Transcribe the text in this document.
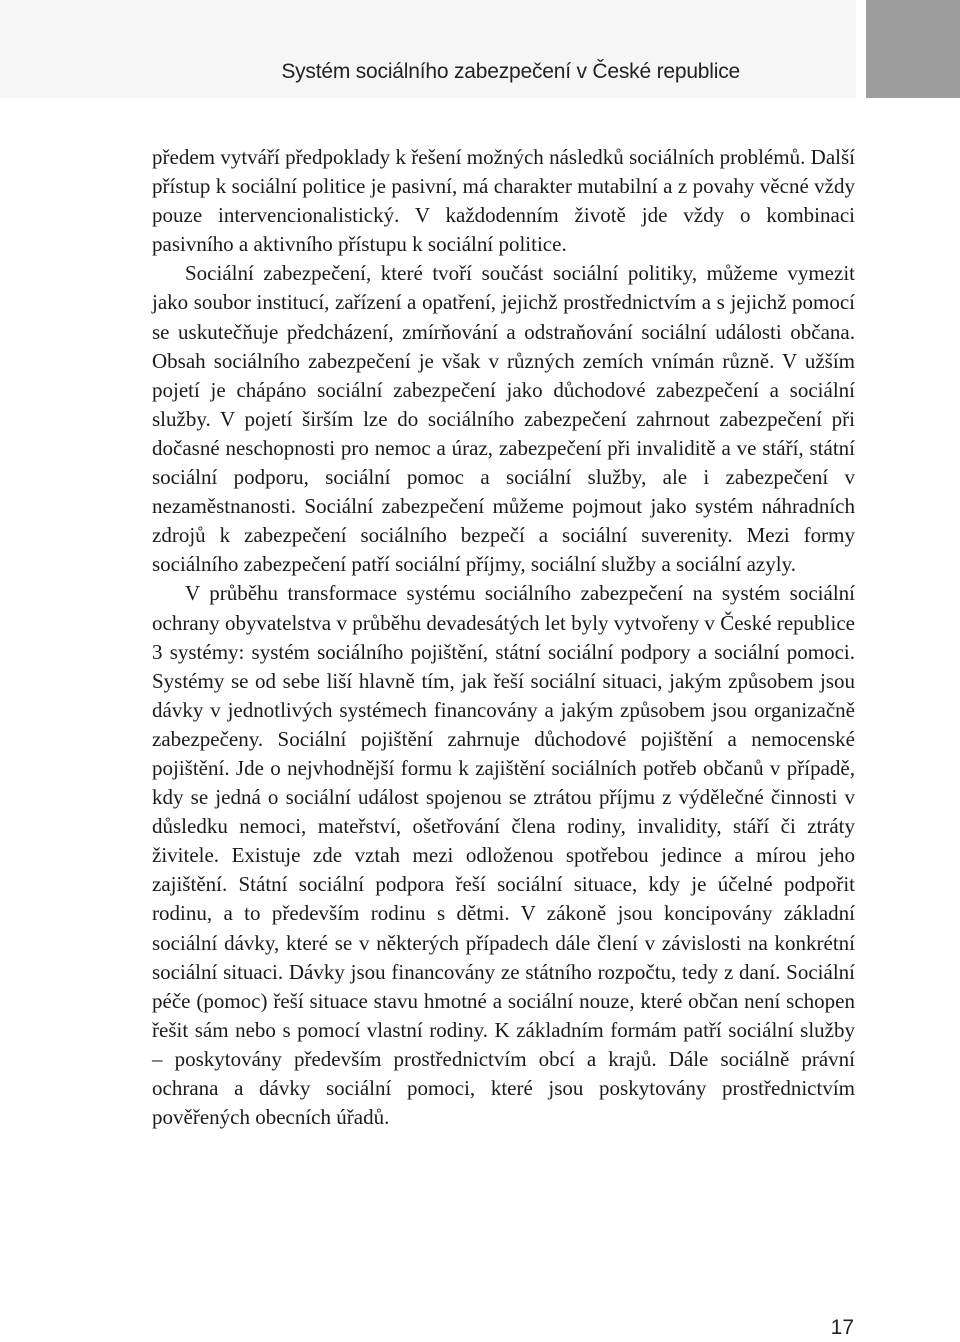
Systém sociálního zabezpečení v České republice

předem vytváří předpoklady k řešení možných následků sociálních problémů. Další přístup k sociální politice je pasivní, má charakter mutabilní a z povahy věcné vždy pouze intervencionalistický. V každodenním životě jde vždy o kombinaci pasivního a aktivního přístupu k sociální politice.

Sociální zabezpečení, které tvoří součást sociální politiky, můžeme vymezit jako soubor institucí, zařízení a opatření, jejichž prostřednictvím a s jejichž pomocí se uskutečňuje předcházení, zmírňování a odstraňování sociální události občana. Obsah sociálního zabezpečení je však v různých zemích vnímán různě. V užším pojetí je chápáno sociální zabezpečení jako důchodové zabezpečení a sociální služby. V pojetí širším lze do sociálního zabezpečení zahrnout zabezpečení při dočasné neschopnosti pro nemoc a úraz, zabezpečení při invaliditě a ve stáří, státní sociální podporu, sociální pomoc a sociální služby, ale i zabezpečení v nezaměstnanosti. Sociální zabezpečení můžeme pojmout jako systém náhradních zdrojů k zabezpečení sociálního bezpečí a sociální suverenity. Mezi formy sociálního zabezpečení patří sociální příjmy, sociální služby a sociální azyly.

V průběhu transformace systému sociálního zabezpečení na systém sociální ochrany obyvatelstva v průběhu devadesátých let byly vytvořeny v České republice 3 systémy: systém sociálního pojištění, státní sociální podpory a sociální pomoci. Systémy se od sebe liší hlavně tím, jak řeší sociální situaci, jakým způsobem jsou dávky v jednotlivých systémech financovány a jakým způsobem jsou organizačně zabezpečeny. Sociální pojištění zahrnuje důchodové pojištění a nemocenské pojištění. Jde o nejvhodnější formu k zajištění sociálních potřeb občanů v případě, kdy se jedná o sociální událost spojenou se ztrátou příjmu z výdělečné činnosti v důsledku nemoci, mateřství, ošetřování člena rodiny, invalidity, stáří či ztráty živitele. Existuje zde vztah mezi odloženou spotřebou jedince a mírou jeho zajištění. Státní sociální podpora řeší sociální situace, kdy je účelné podpořit rodinu, a to především rodinu s dětmi. V zákoně jsou koncipovány základní sociální dávky, které se v některých případech dále člení v závislosti na konkrétní sociální situaci. Dávky jsou financovány ze státního rozpočtu, tedy z daní. Sociální péče (pomoc) řeší situace stavu hmotné a sociální nouze, které občan není schopen řešit sám nebo s pomocí vlastní rodiny. K základním formám patří sociální služby – poskytovány především prostřednictvím obcí a krajů. Dále sociálně právní ochrana a dávky sociální pomoci, které jsou poskytovány prostřednictvím pověřených obecních úřadů.

17
